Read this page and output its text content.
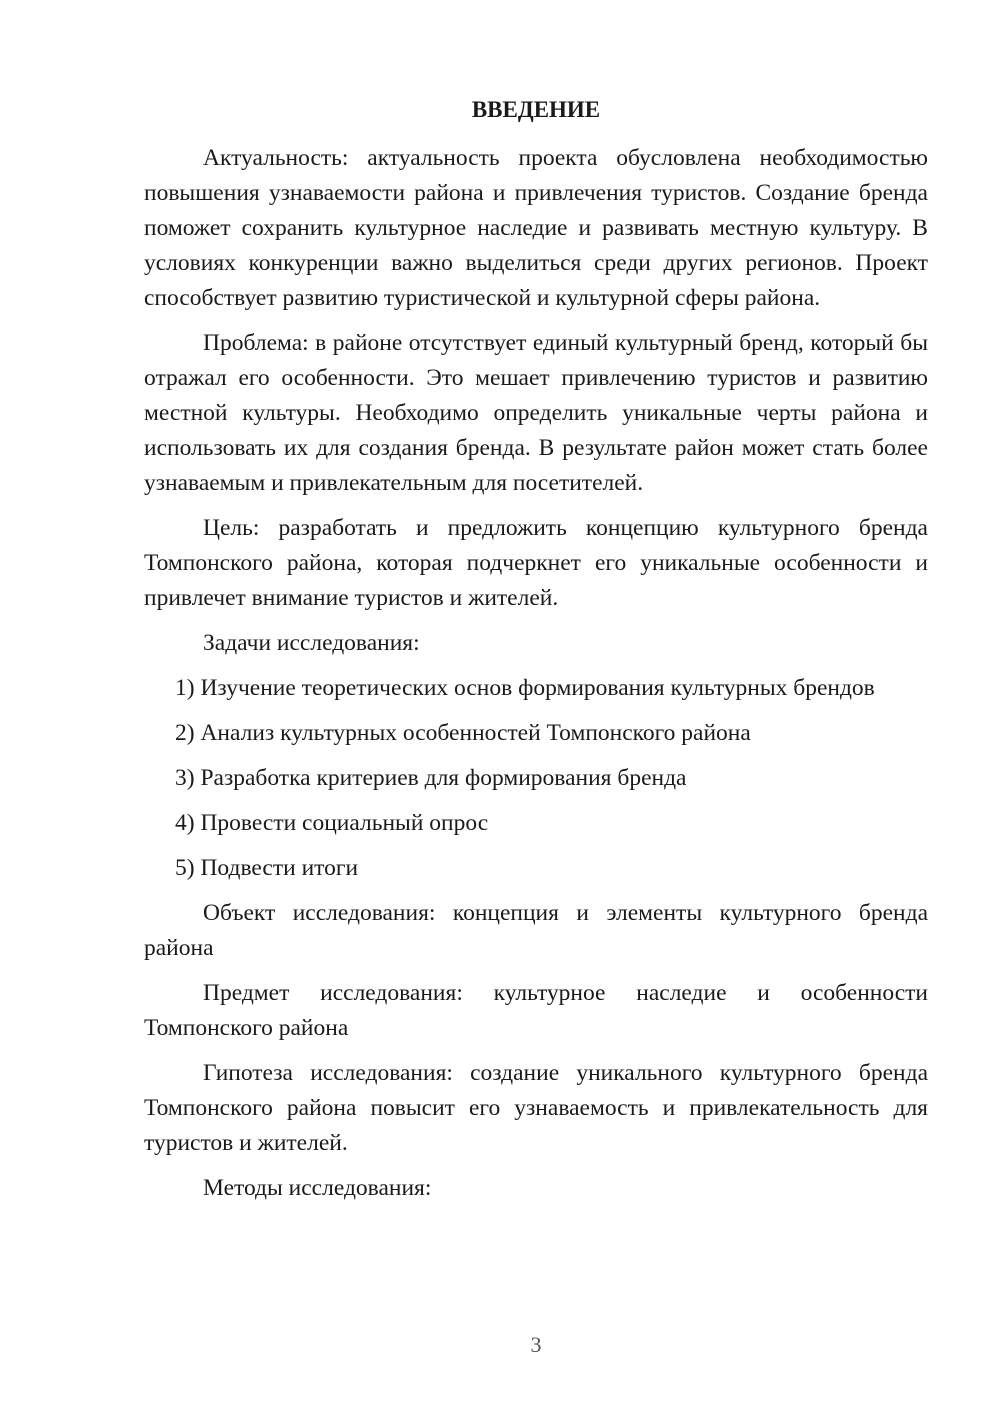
ВВЕДЕНИЕ

Актуальность: актуальность проекта обусловлена необходимостью повышения узнаваемости района и привлечения туристов. Создание бренда поможет сохранить культурное наследие и развивать местную культуру. В условиях конкуренции важно выделиться среди других регионов. Проект способствует развитию туристической и культурной сферы района.

Проблема: в районе отсутствует единый культурный бренд, который бы отражал его особенности. Это мешает привлечению туристов и развитию местной культуры. Необходимо определить уникальные черты района и использовать их для создания бренда. В результате район может стать более узнаваемым и привлекательным для посетителей.

Цель: разработать и предложить концепцию культурного бренда Томпонского района, которая подчеркнет его уникальные особенности и привлечет внимание туристов и жителей.

Задачи исследования:

1) Изучение теоретических основ формирования культурных брендов
2) Анализ культурных особенностей Томпонского района
3) Разработка критериев для формирования бренда
4) Провести социальный опрос
5) Подвести итоги

Объект исследования: концепция и элементы культурного бренда района

Предмет исследования: культурное наследие и особенности Томпонского района

Гипотеза исследования: создание уникального культурного бренда Томпонского района повысит его узнаваемость и привлекательность для туристов и жителей.

Методы исследования:

3
